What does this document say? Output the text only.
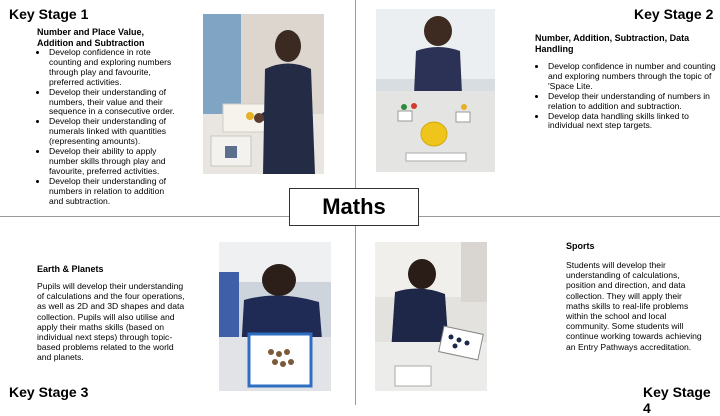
Key Stage 1
Number and Place Value, Addition and Subtraction
• Develop confidence in rote counting and exploring numbers through play and favourite, preferred activities.
• Develop their understanding of numbers, their value and their sequence in a consecutive order.
• Develop their understanding of numerals linked with quantities (representing amounts).
• Develop their ability to apply number skills through play and favourite, preferred activities.
• Develop their understanding of numbers in relation to addition and subtraction.
Key Stage 2
Number, Addition, Subtraction, Data Handling
• Develop confidence in number and counting and exploring numbers through the topic of 'Space Lite.
• Develop their understanding of numbers in relation to addition and subtraction.
• Develop data handling skills linked to individual next step targets.
Maths
Earth & Planets

Pupils will develop their understanding of calculations and the four operations, as well as 2D and 3D shapes and data collection. Pupils will also utilise and apply their maths skills (based on individual next steps) through topic-based problems related to the world and planets.

Key Stage 3
Sports

Students will develop their understanding of calculations, position and direction, and data collection. They will apply their maths skills to real-life problems within the school and local community. Some students will continue working towards achieving an Entry Pathways accreditation.

Key Stage 4
